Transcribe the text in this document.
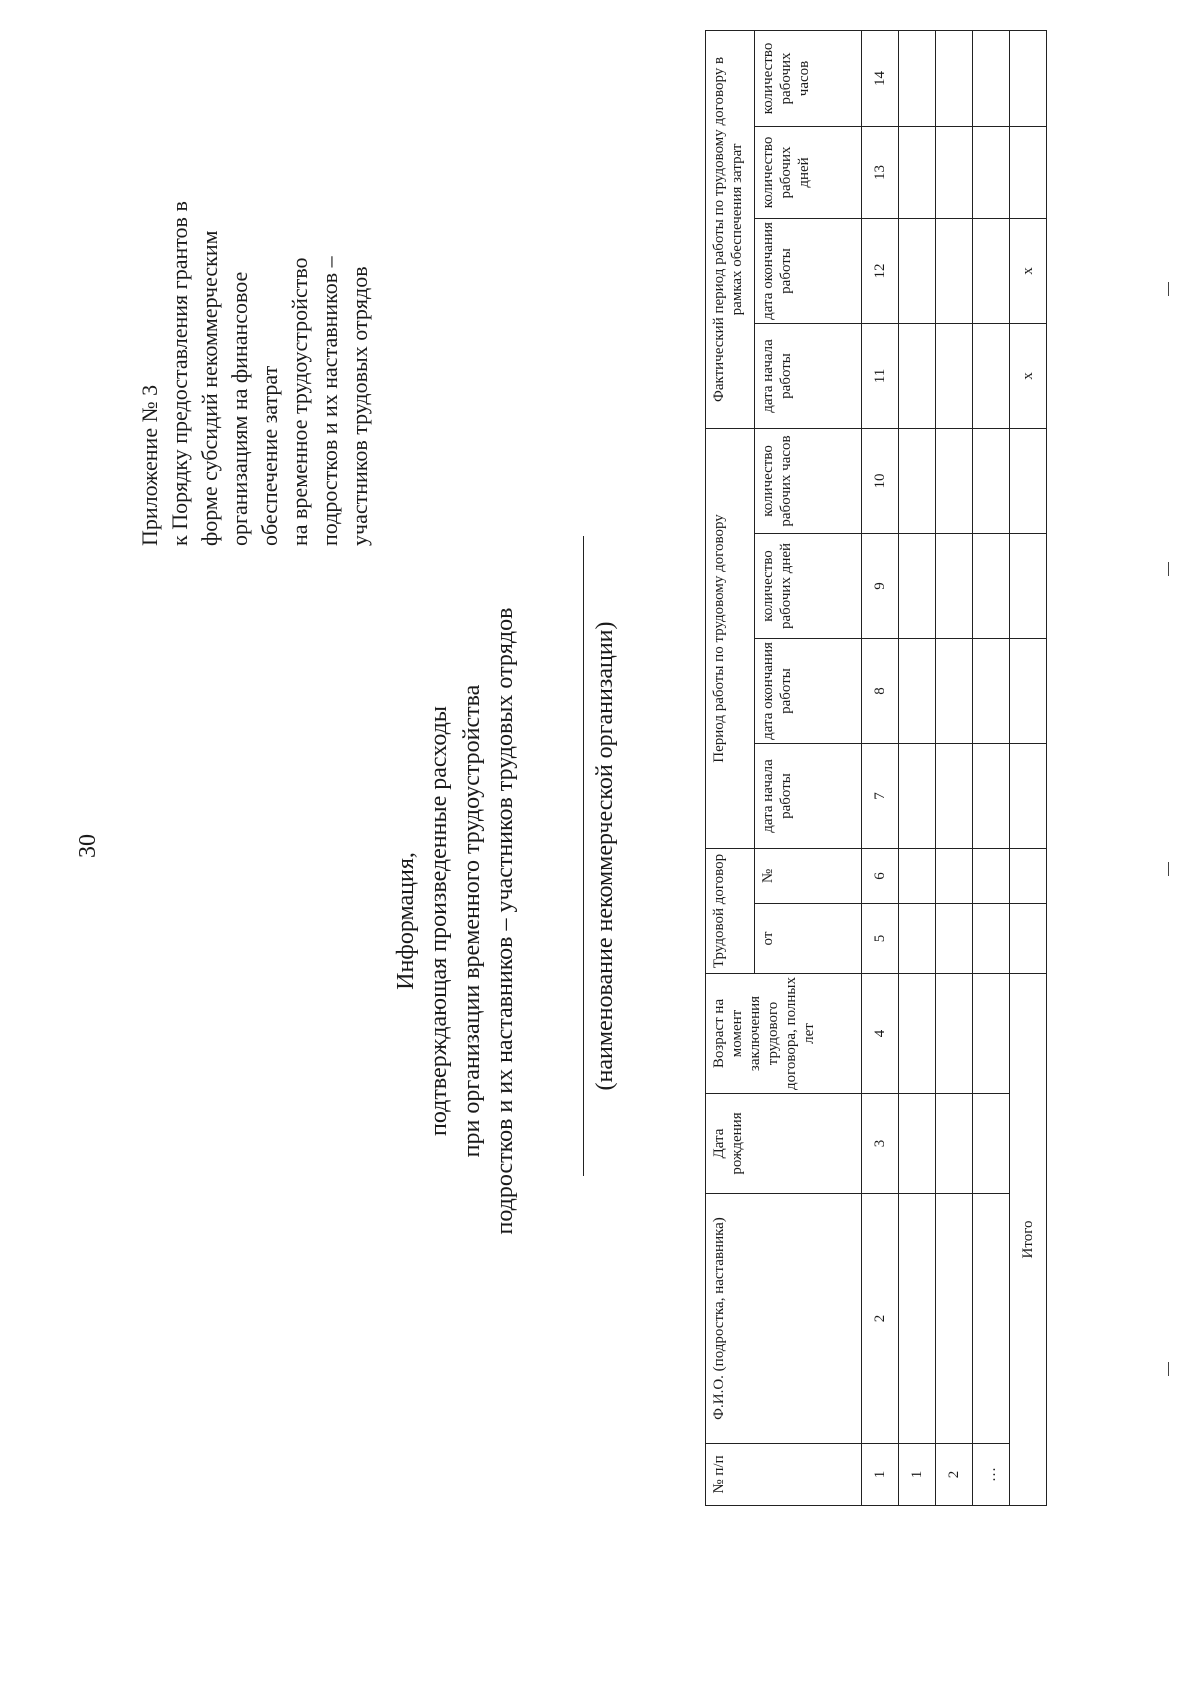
30
Приложение № 3 к Порядку предоставления грантов в форме субсидий некоммерческим организациям на финансовое обеспечение затрат на временное трудоустройство подростков и их наставников – участников трудовых отрядов
Информация, подтверждающая произведенные расходы при организации временного трудоустройства подростков и их наставников – участников трудовых отрядов	(наименование некоммерческой организации)
№ п/п	Ф.И.О. (подростка, наставника)	Дата рождения	Возраст на момент заключения трудового договора, полных лет	Трудовой договор		Период работы по трудовому договору				Фактический период работы по трудовому договору в рамках обеспечения затрат			
				от	№	дата начала работы	дата окончания работы	количество рабочих дней	количество рабочих часов	дата начала работы	дата окончания работы	количество рабочих дней	количество рабочих часов
1	2	3	4	5	6	7	8	9	10	11	12	13	14
1													
2													
…													
Итого										x	x		
